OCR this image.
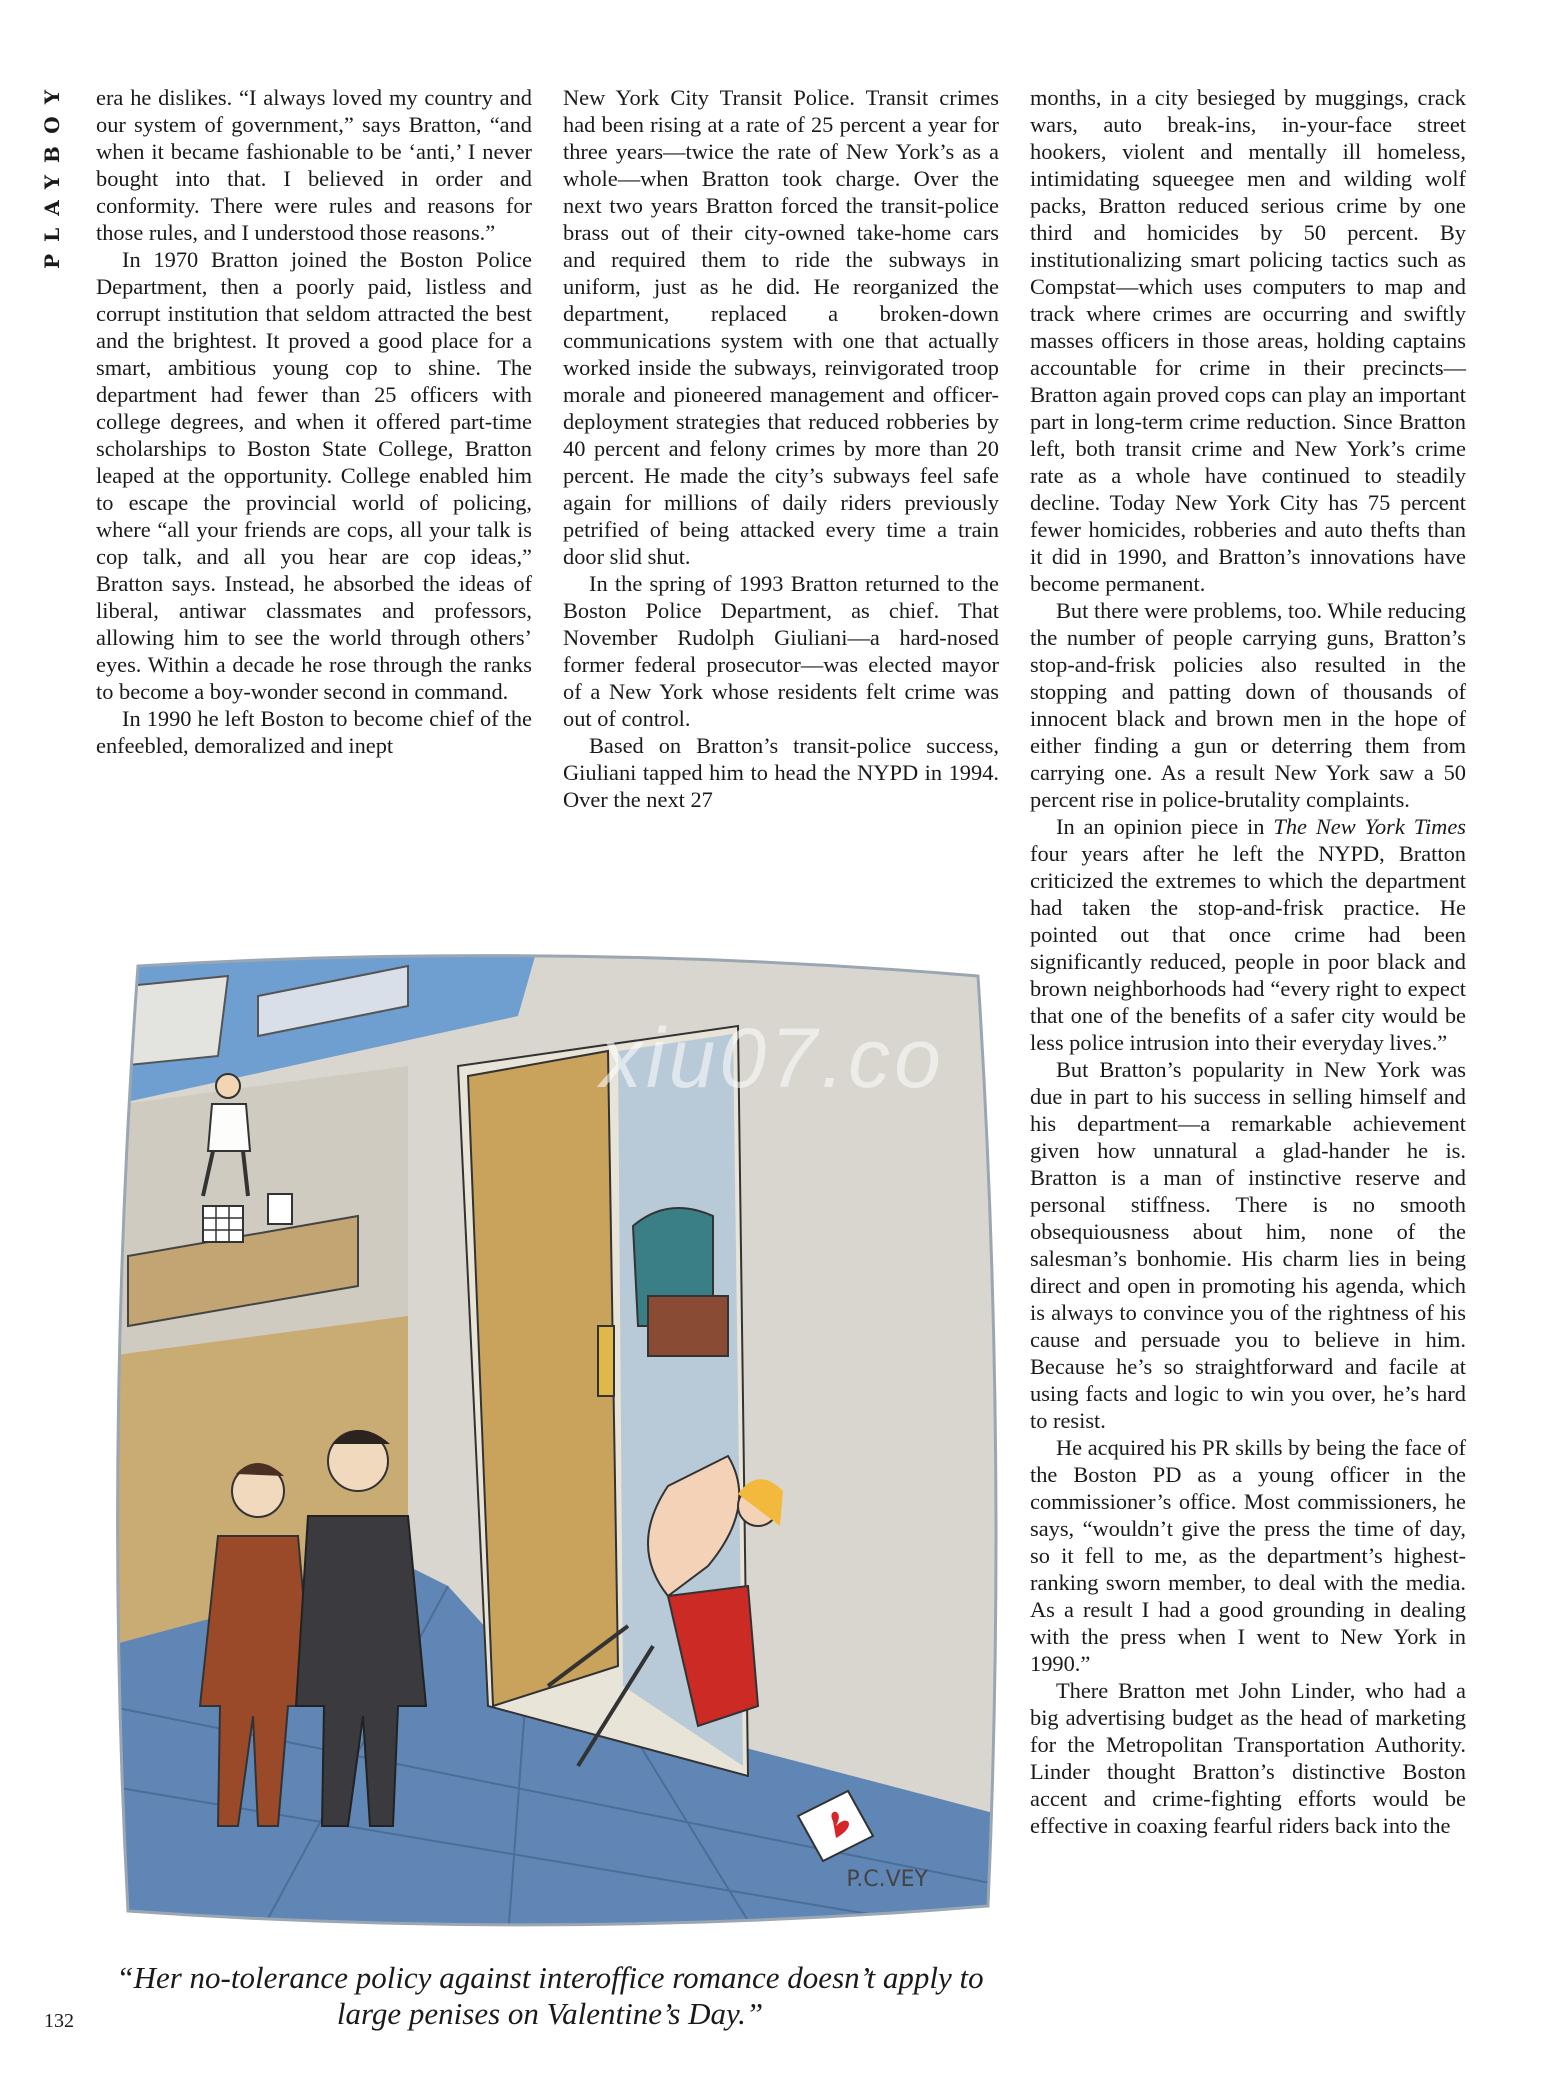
PLAYBOY era he dislikes. “I always loved my country and our system of government,” says Bratton, “and when it became fashionable to be ‘anti,’ I never bought into that. I believed in order and conformity. There were rules and reasons for those rules, and I understood those reasons.”

In 1970 Bratton joined the Boston Police Department, then a poorly paid, listless and corrupt institution that seldom attracted the best and the brightest. It proved a good place for a smart, ambitious young cop to shine. The department had fewer than 25 officers with college degrees, and when it offered part-time scholarships to Boston State College, Bratton leaped at the opportunity. College enabled him to escape the provincial world of policing, where “all your friends are cops, all your talk is cop talk, and all you hear are cop ideas,” Bratton says. Instead, he absorbed the ideas of liberal, antiwar classmates and professors, allowing him to see the world through others’ eyes. Within a decade he rose through the ranks to become a boy-wonder second in command.

In 1990 he left Boston to become chief of the enfeebled, demoralized and inept

New York City Transit Police. Transit crimes had been rising at a rate of 25 percent a year for three years—twice the rate of New York’s as a whole—when Bratton took charge. Over the next two years Bratton forced the transit-police brass out of their city-owned take-home cars and required them to ride the subways in uniform, just as he did. He reorganized the department, replaced a broken-down communications system with one that actually worked inside the subways, reinvigorated troop morale and pioneered management and officer-deployment strategies that reduced robberies by 40 percent and felony crimes by more than 20 percent. He made the city’s subways feel safe again for millions of daily riders previously petrified of being attacked every time a train door slid shut.

In the spring of 1993 Bratton returned to the Boston Police Department, as chief. That November Rudolph Giuliani—a hard-nosed former federal prosecutor—was elected mayor of a New York whose residents felt crime was out of control.

Based on Bratton’s transit-police success, Giuliani tapped him to head the NYPD in 1994. Over the next 27

months, in a city besieged by muggings, crack wars, auto break-ins, in-your-face street hookers, violent and mentally ill homeless, intimidating squeegee men and wilding wolf packs, Bratton reduced serious crime by one third and homicides by 50 percent. By institutionalizing smart policing tactics such as Compstat—which uses computers to map and track where crimes are occurring and swiftly masses officers in those areas, holding captains accountable for crime in their precincts—Bratton again proved cops can play an important part in long-term crime reduction. Since Bratton left, both transit crime and New York’s crime rate as a whole have continued to steadily decline. Today New York City has 75 percent fewer homicides, robberies and auto thefts than it did in 1990, and Bratton’s innovations have become permanent.

But there were problems, too. While reducing the number of people carrying guns, Bratton’s stop-and-frisk policies also resulted in the stopping and patting down of thousands of innocent black and brown men in the hope of either finding a gun or deterring them from carrying one. As a result New York saw a 50 percent rise in police-brutality complaints.

In an opinion piece in The New York Times four years after he left the NYPD, Bratton criticized the extremes to which the department had taken the stop-and-frisk practice. He pointed out that once crime had been significantly reduced, people in poor black and brown neighborhoods had “every right to expect that one of the benefits of a safer city would be less police intrusion into their everyday lives.”

But Bratton’s popularity in New York was due in part to his success in selling himself and his department—a remarkable achievement given how unnatural a glad-hander he is. Bratton is a man of instinctive reserve and personal stiffness. There is no smooth obsequiousness about him, none of the salesman’s bonhomie. His charm lies in being direct and open in promoting his agenda, which is always to convince you of the rightness of his cause and persuade you to believe in him. Because he’s so straightforward and facile at using facts and logic to win you over, he’s hard to resist.

He acquired his PR skills by being the face of the Boston PD as a young officer in the commissioner’s office. Most commissioners, he says, “wouldn’t give the press the time of day, so it fell to me, as the department’s highest-ranking sworn member, to deal with the media. As a result I had a good grounding in dealing with the press when I went to New York in 1990.”

There Bratton met John Linder, who had a big advertising budget as the head of marketing for the Metropolitan Transportation Authority. Linder thought Bratton’s distinctive Boston accent and crime-fighting efforts would be effective in coaxing fearful riders back into the

P.C.VEY
xiu07.co
“Her no-tolerance policy against interoffice romance doesn’t apply to large penises on Valentine’s Day.”
132
